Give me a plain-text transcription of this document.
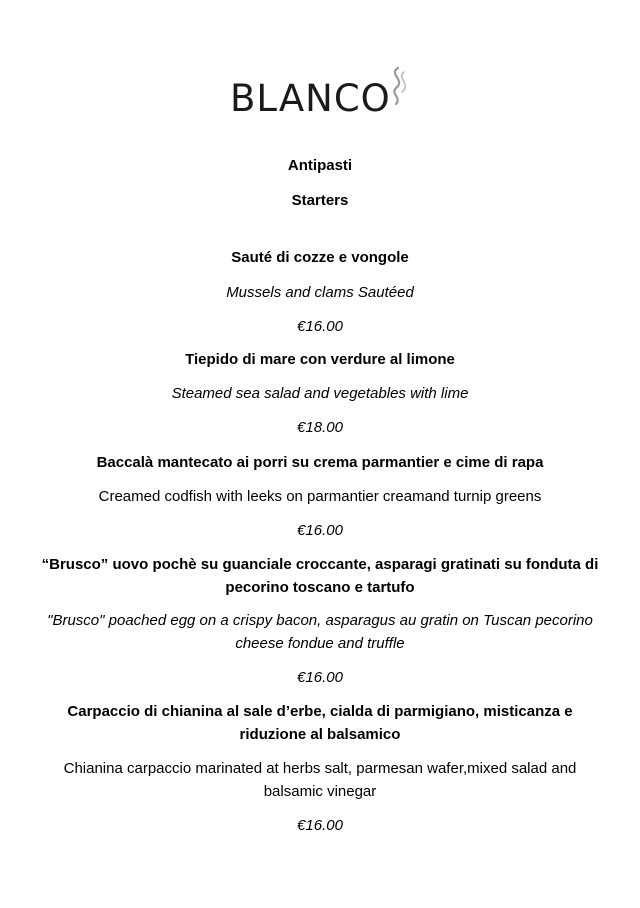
BLANCO
Antipasti
Starters
Sauté di cozze e vongole
Mussels and clams Sautéed
€16.00
Tiepido di mare con verdure al limone
Steamed sea salad and vegetables with lime
€18.00
Baccalà mantecato ai porri su crema parmantier e cime di rapa
Creamed codfish with leeks on parmantier creamand turnip greens
€16.00
“Brusco” uovo pochè su guanciale croccante, asparagi gratinati su fonduta di pecorino toscano e tartufo
"Brusco" poached egg on a crispy bacon, asparagus au gratin on Tuscan pecorino cheese fondue and truffle
€16.00
Carpaccio di chianina al sale d’erbe, cialda di parmigiano, misticanza e riduzione al balsamico
Chianina carpaccio marinated at herbs salt, parmesan wafer,mixed salad and balsamic vinegar
€16.00
